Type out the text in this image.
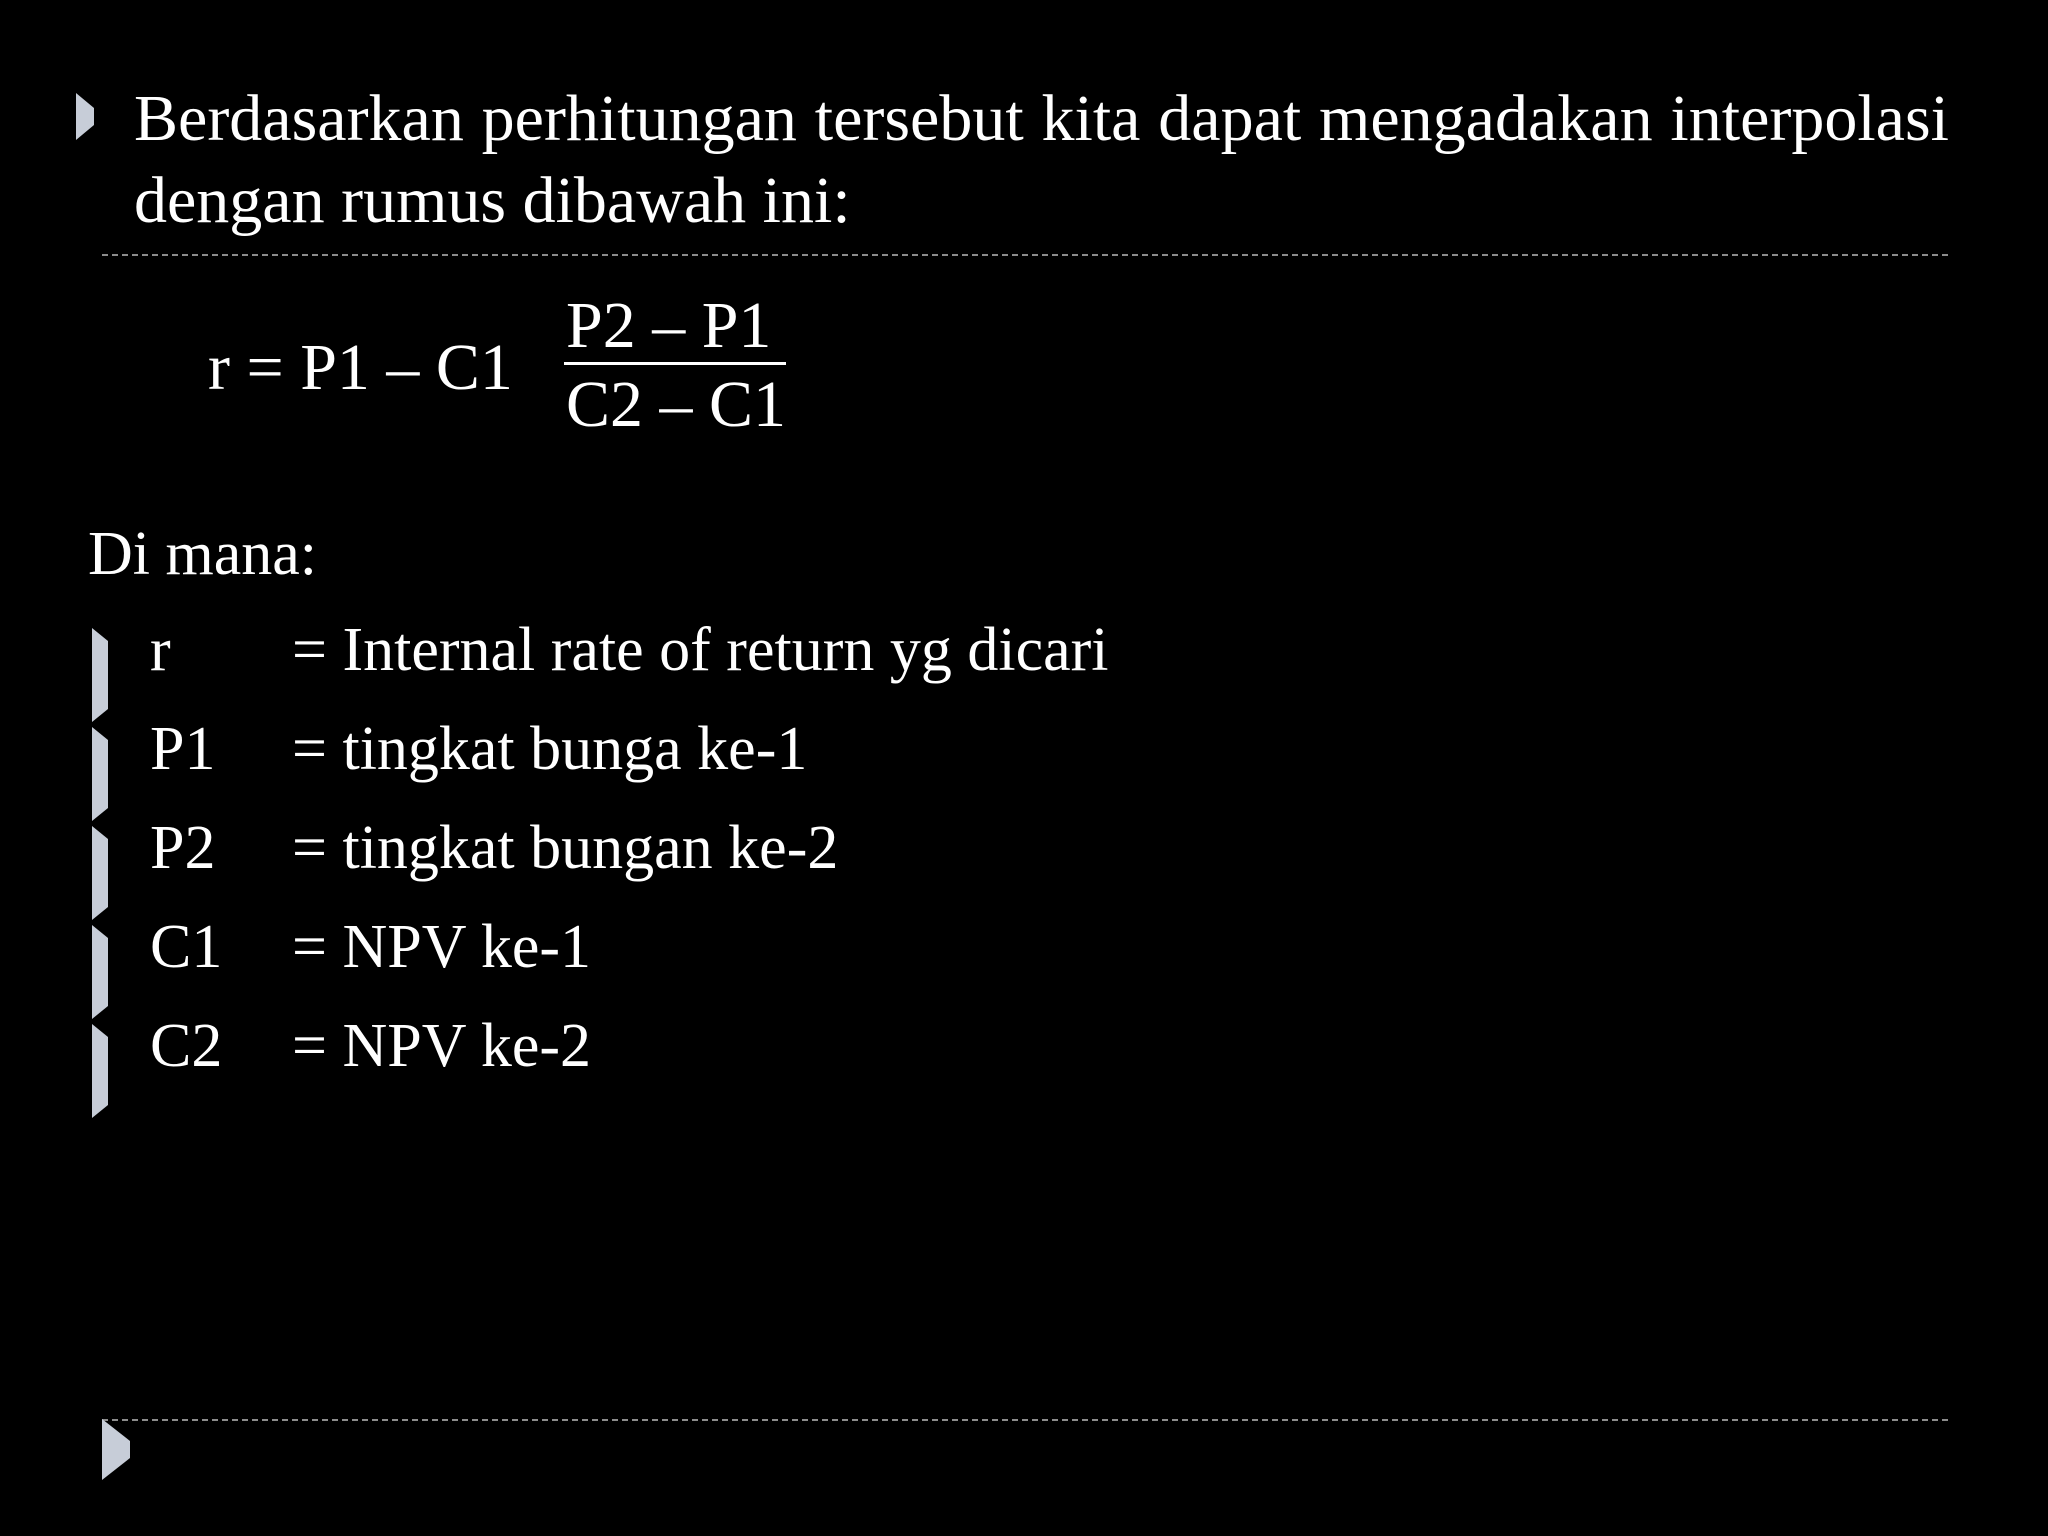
Berdasarkan perhitungan tersebut kita dapat mengadakan interpolasi dengan rumus dibawah ini:
$r = P1 - C1 \frac{P2 - P1}{C2 - C1}$
Di mana:
r = Internal rate of return yg dicari
P1 = tingkat bunga ke-1
P2 = tingkat bungan ke-2
C1 = NPV ke-1
C2 = NPV ke-2
